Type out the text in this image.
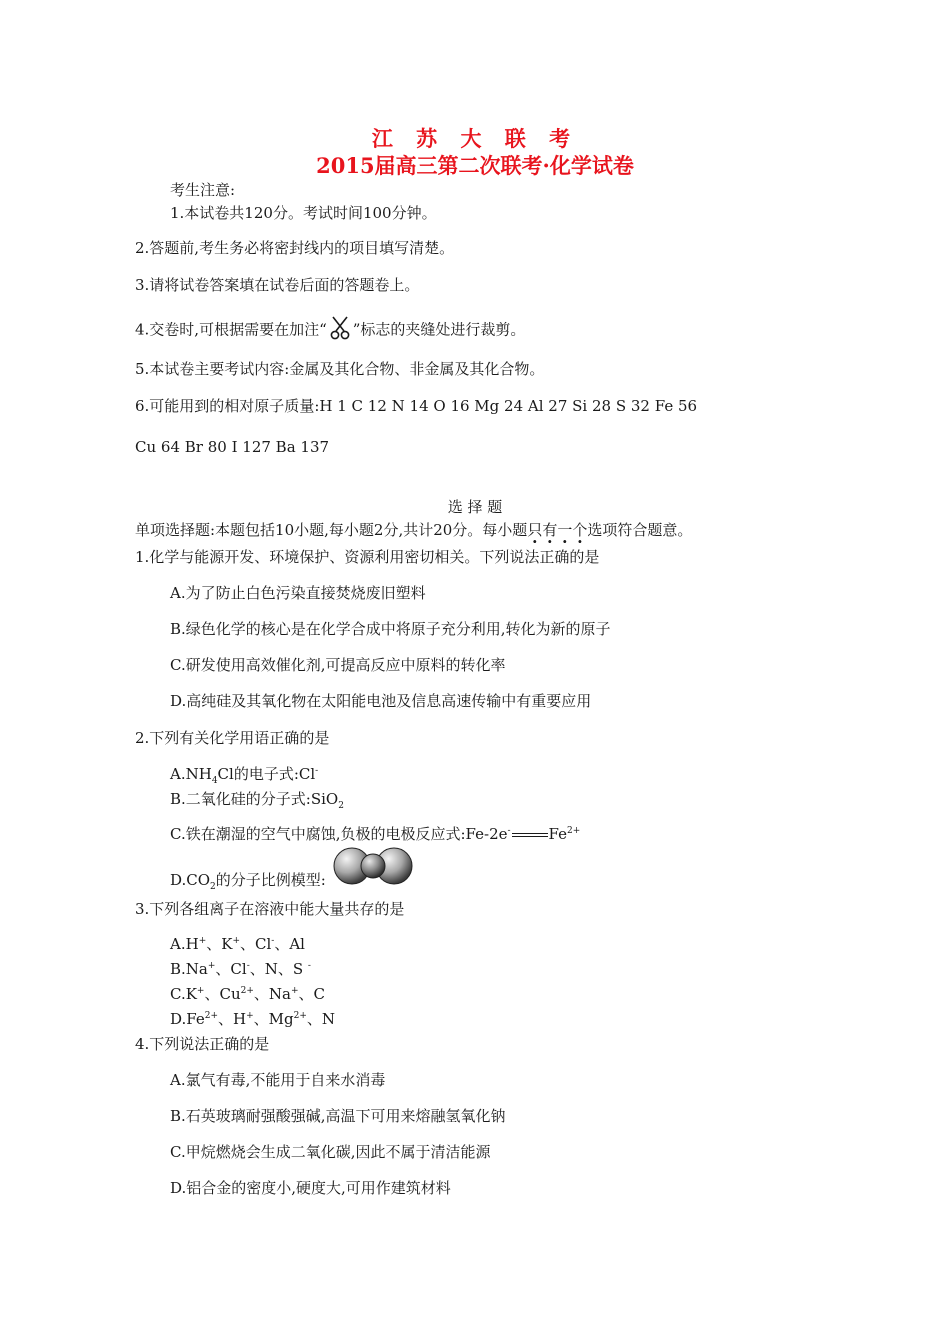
江 苏 大 联 考
2015届高三第二次联考·化学试卷
考生注意:
1.本试卷共120分。考试时间100分钟。
2.答题前,考生务必将密封线内的项目填写清楚。
3.请将试卷答案填在试卷后面的答题卷上。
4.交卷时,可根据需要在加注“ ”标志的夹缝处进行裁剪。
5.本试卷主要考试内容:金属及其化合物、非金属及其化合物。
6.可能用到的相对原子质量:H 1 C 12 N 14 O 16 Mg 24 Al 27 Si 28 S 32 Fe 56
Cu 64 Br 80 I 127 Ba 137
选 择 题
单项选择题:本题包括10小题,每小题2分,共计20分。每小题只有一个选项符合题意。
1.化学与能源开发、环境保护、资源利用密切相关。下列说法正确的是
A.为了防止白色污染直接焚烧废旧塑料
B.绿色化学的核心是在化学合成中将原子充分利用,转化为新的原子
C.研发使用高效催化剂,可提高反应中原料的转化率
D.高纯硅及其氧化物在太阳能电池及信息高速传输中有重要应用
2.下列有关化学用语正确的是
$A.NH_4Cl$的电子式:Cl-
B.二氧化硅的分子式:SiO$_2$
C.铁在潮湿的空气中腐蚀,负极的电极反应式:Fe-2e-	$Fe^{2+}$
$D.CO_2$的分子比例模型:
3.下列各组离子在溶液中能大量共存的是
A.H+、K+、Cl-、Al
B.Na+、Cl-、N、S -
C.K+、$Cu^{2+}$、Na+、C
$D.Fe^{2+}$、H+、$Mg^{2+}$、N
4.下列说法正确的是
A.氯气有毒,不能用于自来水消毒
B.石英玻璃耐强酸强碱,高温下可用来熔融氢氧化钠
C.甲烷燃烧会生成二氧化碳,因此不属于清洁能源
D.铝合金的密度小,硬度大,可用作建筑材料
